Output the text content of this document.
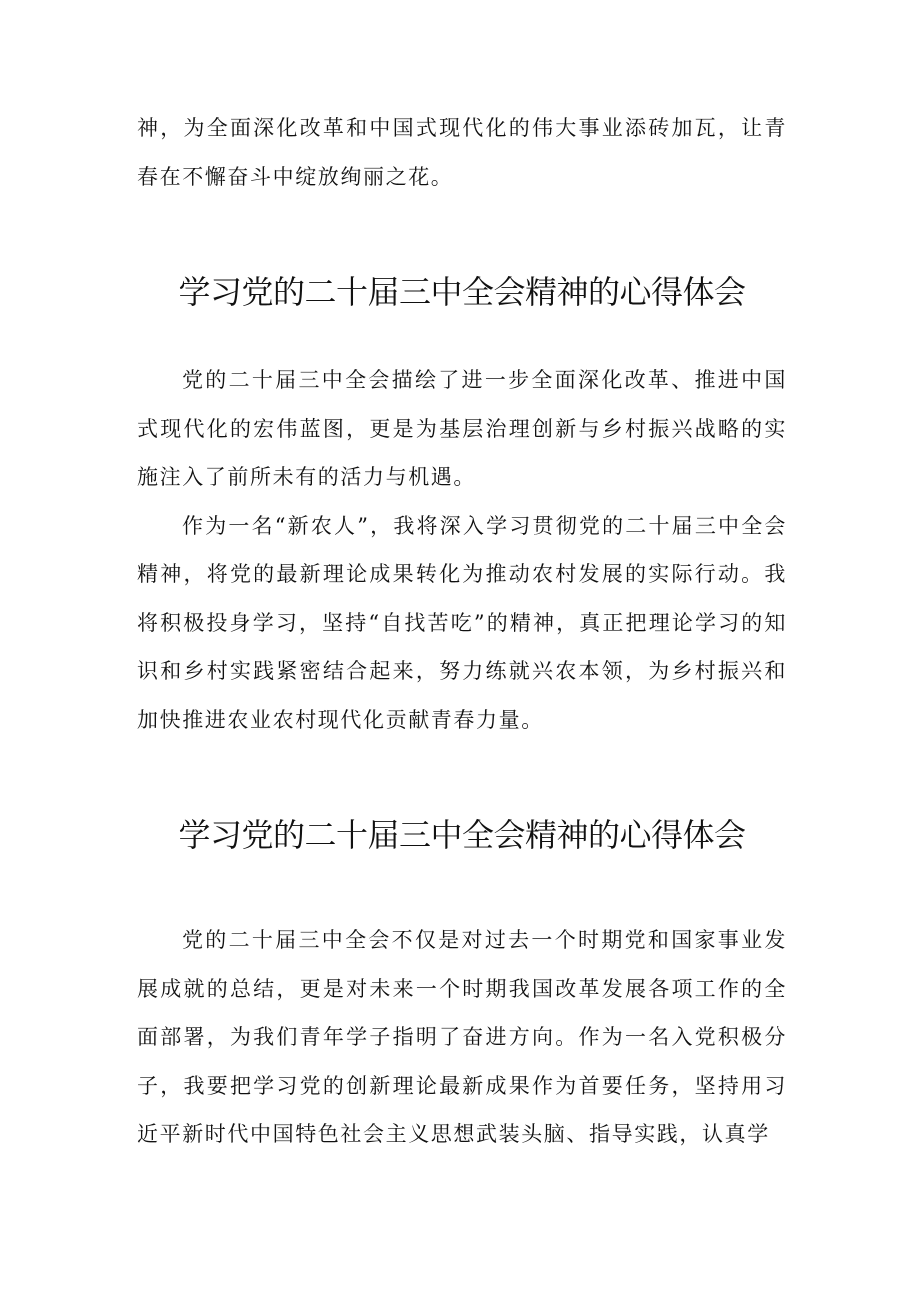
神，为全面深化改革和中国式现代化的伟大事业添砖加瓦，让青春在不懈奋斗中绽放绚丽之花。

学习党的二十届三中全会精神的心得体会

党的二十届三中全会描绘了进一步全面深化改革、推进中国式现代化的宏伟蓝图，更是为基层治理创新与乡村振兴战略的实施注入了前所未有的活力与机遇。

作为一名“新农人”，我将深入学习贯彻党的二十届三中全会精神，将党的最新理论成果转化为推动农村发展的实际行动。我将积极投身学习，坚持“自找苦吃”的精神，真正把理论学习的知识和乡村实践紧密结合起来，努力练就兴农本领，为乡村振兴和加快推进农业农村现代化贡献青春力量。

学习党的二十届三中全会精神的心得体会

党的二十届三中全会不仅是对过去一个时期党和国家事业发展成就的总结，更是对未来一个时期我国改革发展各项工作的全面部署，为我们青年学子指明了奋进方向。作为一名入党积极分子，我要把学习党的创新理论最新成果作为首要任务，坚持用习近平新时代中国特色社会主义思想武装头脑、指导实践，认真学
